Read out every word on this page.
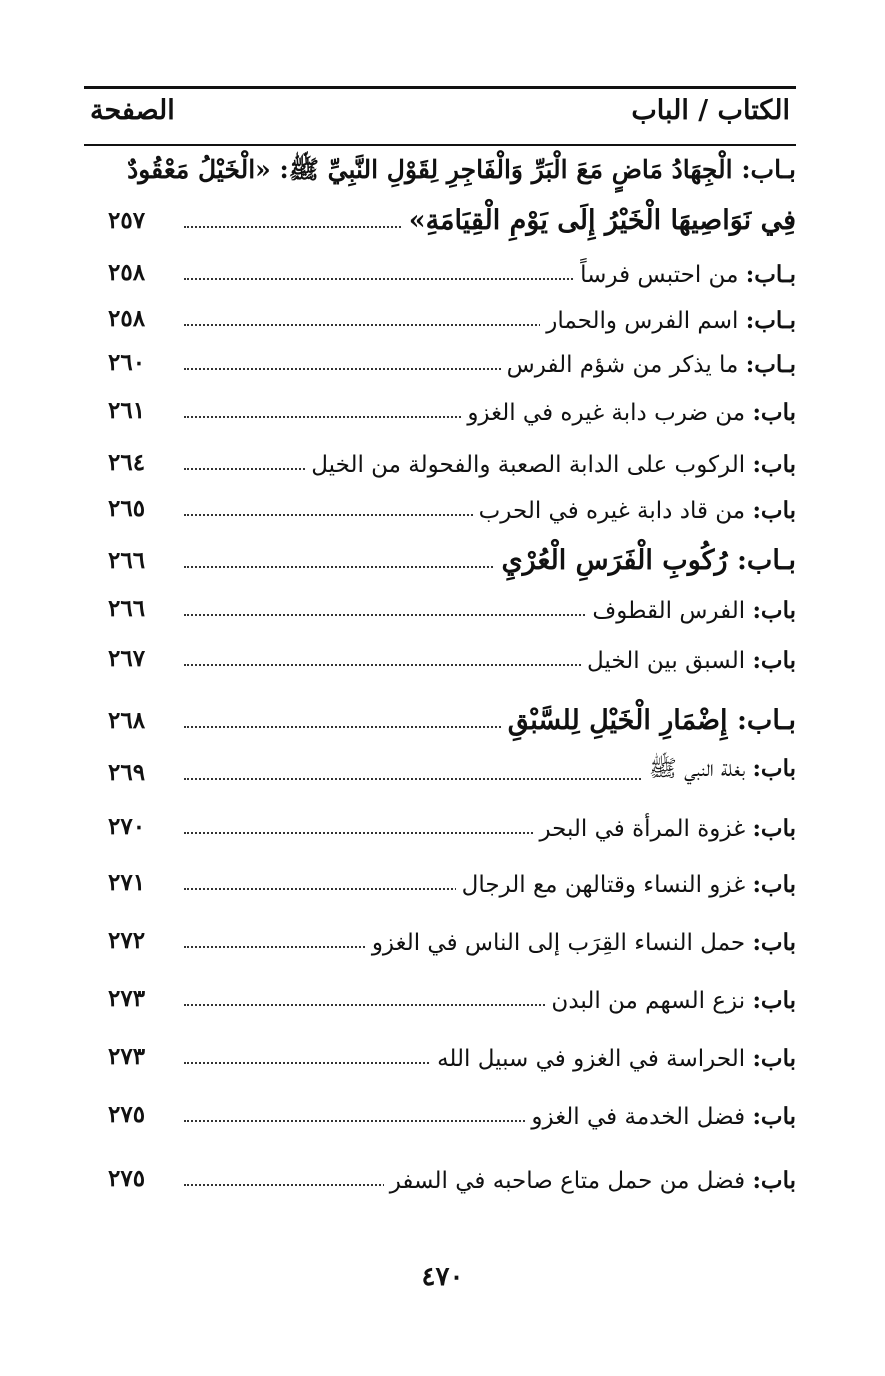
الكتاب / الباب
الصفحة
بـاب: الْجِهَادُ مَاضٍ مَعَ الْبَرِّ وَالْفَاجِرِ لِقَوْلِ النَّبِيِّ ﷺ: «الْخَيْلُ مَعْقُودٌ
فِي نَوَاصِيهَا الْخَيْرُ إِلَى يَوْمِ الْقِيَامَةِ»
٢٥٧
بـاب: من احتبس فرساً
٢٥٨
بـاب: اسم الفرس والحمار
٢٥٨
بـاب: ما يذكر من شؤم الفرس
٢٦٠
باب: من ضرب دابة غيره في الغزو
٢٦١
باب: الركوب على الدابة الصعبة والفحولة من الخيل
٢٦٤
باب: من قاد دابة غيره في الحرب
٢٦٥
بـاب: رُكُوبِ الْفَرَسِ الْعُرْيِ
٢٦٦
باب: الفرس القطوف
٢٦٦
باب: السبق بين الخيل
٢٦٧
بـاب: إِضْمَارِ الْخَيْلِ لِلسَّبْقِ
٢٦٨
باب: بغلة النبي ﷺ
٢٦٩
باب: غزوة المرأة في البحر
٢٧٠
باب: غزو النساء وقتالهن مع الرجال
٢٧١
باب: حمل النساء القِرَب إلى الناس في الغزو
٢٧٢
باب: نزع السهم من البدن
٢٧٣
باب: الحراسة في الغزو في سبيل الله
٢٧٣
باب: فضل الخدمة في الغزو
٢٧٥
باب: فضل من حمل متاع صاحبه في السفر
٢٧٥
٤٧٠
